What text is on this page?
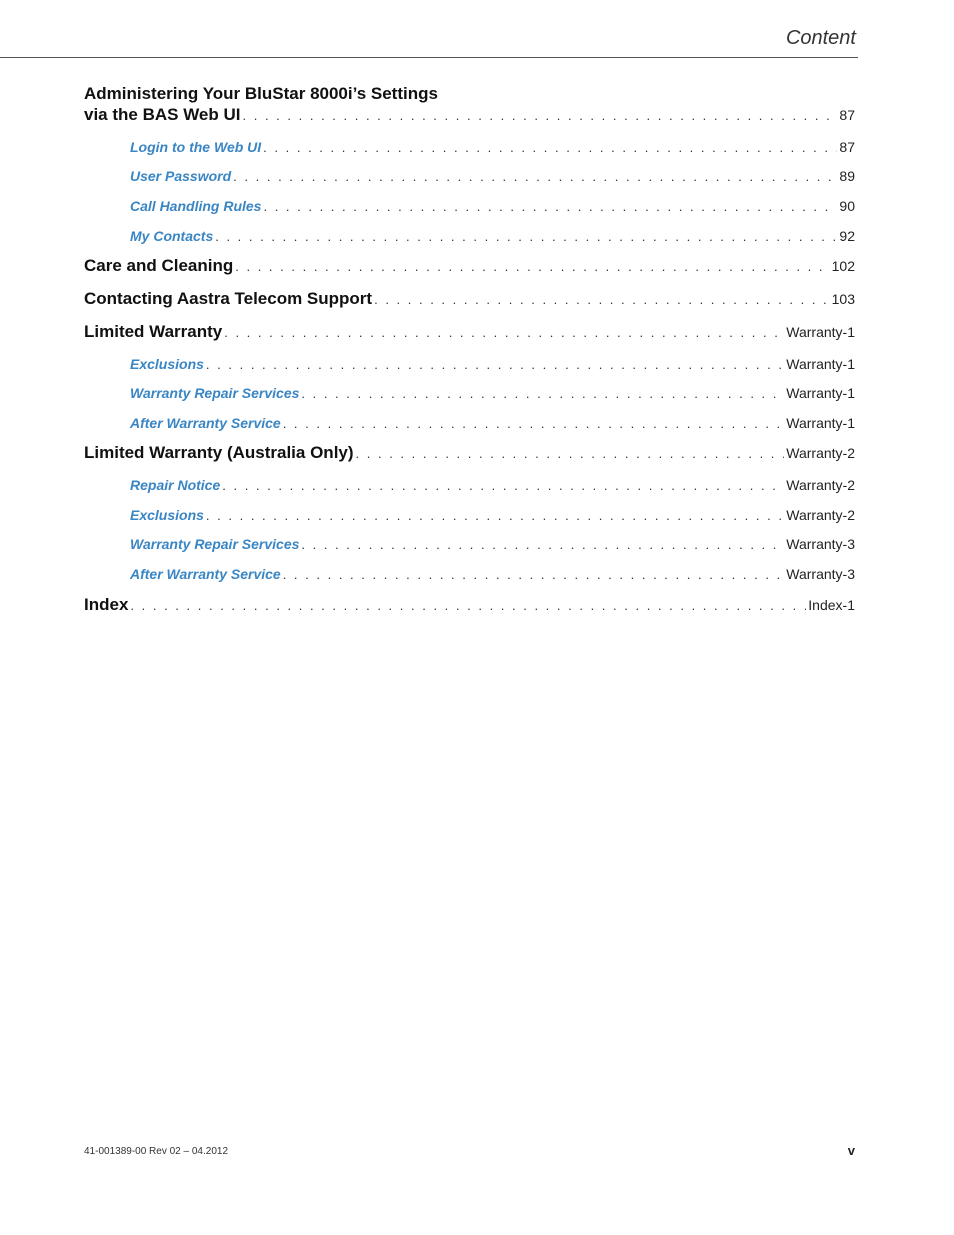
Content
Administering Your BluStar 8000i’s Settings
via the BAS Web UI . . .	87
Login to the Web UI . . .	87
User Password . . .	89
Call Handling Rules . . .	90
My Contacts . . .	92
Care and Cleaning . . .	102
Contacting Aastra Telecom Support . . .	103
Limited Warranty . . .	Warranty-1
Exclusions . . .	Warranty-1
Warranty Repair Services . . .	Warranty-1
After Warranty Service . . .	Warranty-1
Limited Warranty (Australia Only) . . .	Warranty-2
Repair Notice . . .	Warranty-2
Exclusions . . .	Warranty-2
Warranty Repair Services . . .	Warranty-3
After Warranty Service . . .	Warranty-3
Index . . .	Index-1
41-001389-00 Rev 02 – 04.2012	v
